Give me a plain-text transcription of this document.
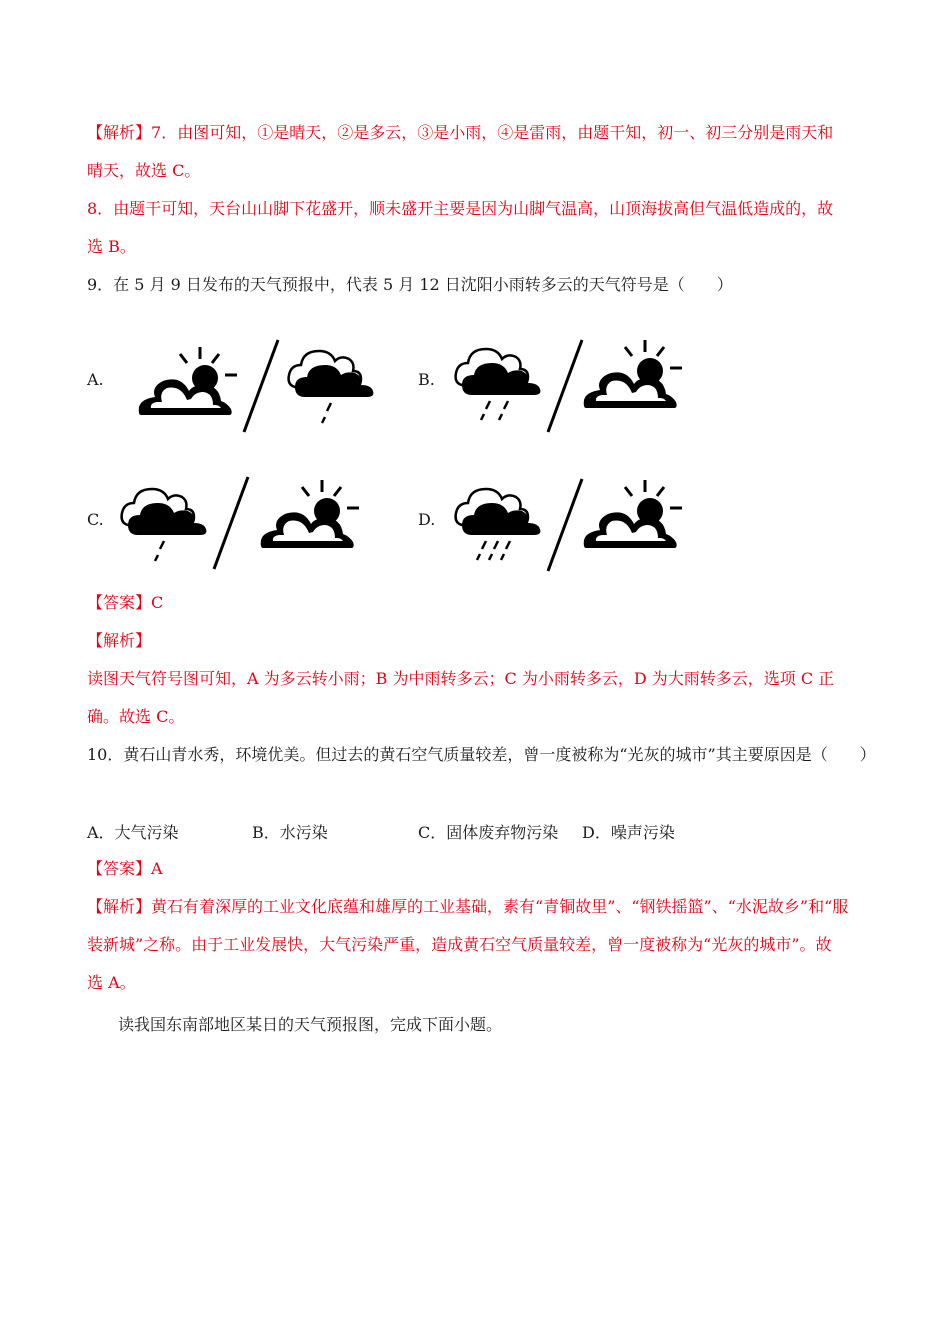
【解析】7．由图可知，①是晴天，②是多云，③是小雨，④是雷雨，由题干知，初一、初三分别是雨天和
晴天，故选 C。
8．由题干可知，天台山山脚下花盛开，顺未盛开主要是因为山脚气温高，山顶海拔高但气温低造成的，故
选 B。
9．在 5 月 9 日发布的天气预报中，代表 5 月 12 日沈阳小雨转多云的天气符号是（　　）
A.	B.
C.	D.
【答案】C
【解析】
读图天气符号图可知，A 为多云转小雨；B 为中雨转多云；C 为小雨转多云，D 为大雨转多云，选项 C 正
确。故选 C。
10．黄石山青水秀，环境优美。但过去的黄石空气质量较差，曾一度被称为“光灰的城市”其主要原因是（　　）
A．大气污染	B．水污染	C．固体废弃物污染 D．噪声污染
【答案】A
【解析】黄石有着深厚的工业文化底蕴和雄厚的工业基础，素有“青铜故里”、“钢铁摇篮”、“水泥故乡”和“服
装新城”之称。由于工业发展快，大气污染严重，造成黄石空气质量较差，曾一度被称为“光灰的城市”。故
选 A。
读我国东南部地区某日的天气预报图，完成下面小题。
